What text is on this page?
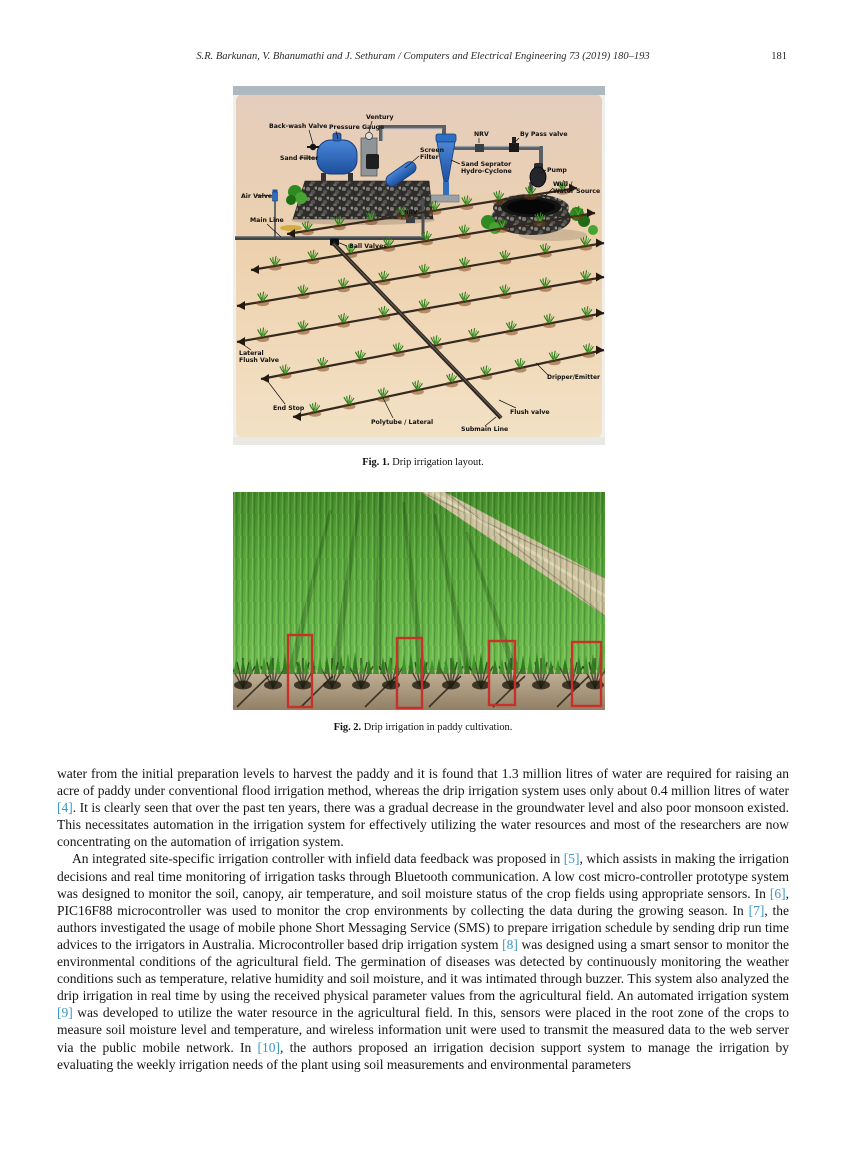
S.R. Barkunan, V. Bhanumathi and J. Sethuram / Computers and Electrical Engineering 73 (2019) 180–193	181
Back-wash Valve Pressure Gauge
Ventury
Sand Filter
Screen Filter
Sand Seprator Hydro-Cyclone
NRV	By Pass valve
Pump
Well / Water Source
Air Valve
Main Line
NRV
Ball Valves
Lateral Flush Valve
End Stop
Polytube / Lateral
Submain Line
Flush valve
Dripper/Emitter
Fig. 1. Drip irrigation layout.
Fig. 2. Drip irrigation in paddy cultivation.

water from the initial preparation levels to harvest the paddy and it is found that 1.3 million litres of water are required for raising an acre of paddy under conventional flood irrigation method, whereas the drip irrigation system uses only about 0.4 million litres of water [4]. It is clearly seen that over the past ten years, there was a gradual decrease in the groundwater level and also poor monsoon existed. This necessitates automation in the irrigation system for effectively utilizing the water resources and most of the researchers are now concentrating on the automation of irrigation system.

An integrated site-specific irrigation controller with infield data feedback was proposed in [5], which assists in making the irrigation decisions and real time monitoring of irrigation tasks through Bluetooth communication. A low cost micro-controller prototype system was designed to monitor the soil, canopy, air temperature, and soil moisture status of the crop fields using appropriate sensors. In [6], PIC16F88 microcontroller was used to monitor the crop environments by collecting the data during the growing season. In [7], the authors investigated the usage of mobile phone Short Messaging Service (SMS) to prepare irrigation schedule by sending drip run time advices to the irrigators in Australia. Microcontroller based drip irrigation system [8] was designed using a smart sensor to monitor the environmental conditions of the agricultural field. The germination of diseases was detected by continuously monitoring the weather conditions such as temperature, relative humidity and soil moisture, and it was intimated through buzzer. This system also analyzed the drip irrigation in real time by using the received physical parameter values from the agricultural field. An automated irrigation system [9] was developed to utilize the water resource in the agricultural field. In this, sensors were placed in the root zone of the crops to measure soil moisture level and temperature, and wireless information unit were used to transmit the measured data to the web server via the public mobile network. In [10], the authors proposed an irrigation decision support system to manage the irrigation by evaluating the weekly irrigation needs of the plant using soil measurements and environmental parameters
